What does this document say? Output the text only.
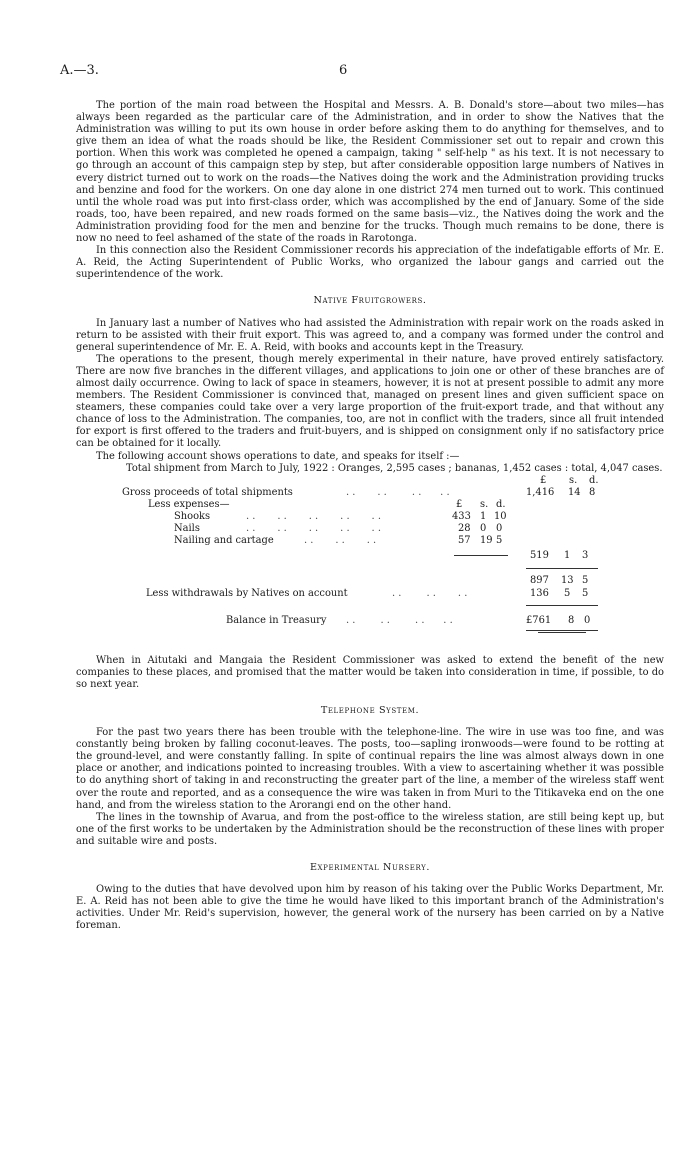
A.—3.	6

The portion of the main road between the Hospital and Messrs. A. B. Donald's store—about two miles—has always been regarded as the particular care of the Administration, and in order to show the Natives that the Administration was willing to put its own house in order before asking them to do anything for themselves, and to give them an idea of what the roads should be like, the Resident Commissioner set out to repair and crown this portion. When this work was completed he opened a campaign, taking " self-help " as his text. It is not necessary to go through an account of this campaign step by step, but after considerable opposition large numbers of Natives in every district turned out to work on the roads—the Natives doing the work and the Administration providing trucks and benzine and food for the workers. On one day alone in one district 274 men turned out to work. This continued until the whole road was put into first-class order, which was accomplished by the end of January. Some of the side roads, too, have been repaired, and new roads formed on the same basis—viz., the Natives doing the work and the Administration providing food for the men and benzine for the trucks. Though much remains to be done, there is now no need to feel ashamed of the state of the roads in Rarotonga.

In this connection also the Resident Commissioner records his appreciation of the indefatigable efforts of Mr. E. A. Reid, the Acting Superintendent of Public Works, who organized the labour gangs and carried out the superintendence of the work.

Native Fruitgrowers.

In January last a number of Natives who had assisted the Administration with repair work on the roads asked in return to be assisted with their fruit export. This was agreed to, and a company was formed under the control and general superintendence of Mr. E. A. Reid, with books and accounts kept in the Treasury.

The operations to the present, though merely experimental in their nature, have proved entirely satisfactory. There are now five branches in the different villages, and applications to join one or other of these branches are of almost daily occurrence. Owing to lack of space in steamers, however, it is not at present possible to admit any more members. The Resident Commissioner is convinced that, managed on present lines and given sufficient space on steamers, these companies could take over a very large proportion of the fruit-export trade, and that without any chance of loss to the Administration. The companies, too, are not in conflict with the traders, since all fruit intended for export is first offered to the traders and fruit-buyers, and is shipped on consignment only if no satisfactory price can be obtained for it locally.

The following account shows operations to date, and speaks for itself :—

Total shipment from March to July, 1922 : Oranges, 2,595 cases ; bananas, 1,452 cases : total, 4,047 cases.

£ s. d.
Gross proceeds of total shipments	. .       . .        . .      . .	1,416 14 8
Less expenses—	£ s. d.
Shooks	. .       . .       . .       . .       . .	433 1 10
Nails	. .       . .       . .       . .       . .	28 0 0
Nailing and cartage	. .       . .       . .	57 19 5
519 1 3
897 13 5
Less withdrawals by Natives on account	. .        . .       . .	136 5 5
Balance in Treasury . .        . .        . .      . .	£761 8 0

When in Aitutaki and Mangaia the Resident Commissioner was asked to extend the benefit of the new companies to these places, and promised that the matter would be taken into consideration in time, if possible, to do so next year.

Telephone System.

For the past two years there has been trouble with the telephone-line. The wire in use was too fine, and was constantly being broken by falling coconut-leaves. The posts, too—sapling ironwoods—were found to be rotting at the ground-level, and were constantly falling. In spite of continual repairs the line was almost always down in one place or another, and indications pointed to increasing troubles. With a view to ascertaining whether it was possible to do anything short of taking in and reconstructing the greater part of the line, a member of the wireless staff went over the route and reported, and as a consequence the wire was taken in from Muri to the Titikaveka end on the one hand, and from the wireless station to the Arorangi end on the other hand.

The lines in the township of Avarua, and from the post-office to the wireless station, are still being kept up, but one of the first works to be undertaken by the Administration should be the reconstruction of these lines with proper and suitable wire and posts.

Experimental Nursery.

Owing to the duties that have devolved upon him by reason of his taking over the Public Works Department, Mr. E. A. Reid has not been able to give the time he would have liked to this important branch of the Administration's activities. Under Mr. Reid's supervision, however, the general work of the nursery has been carried on by a Native foreman.
